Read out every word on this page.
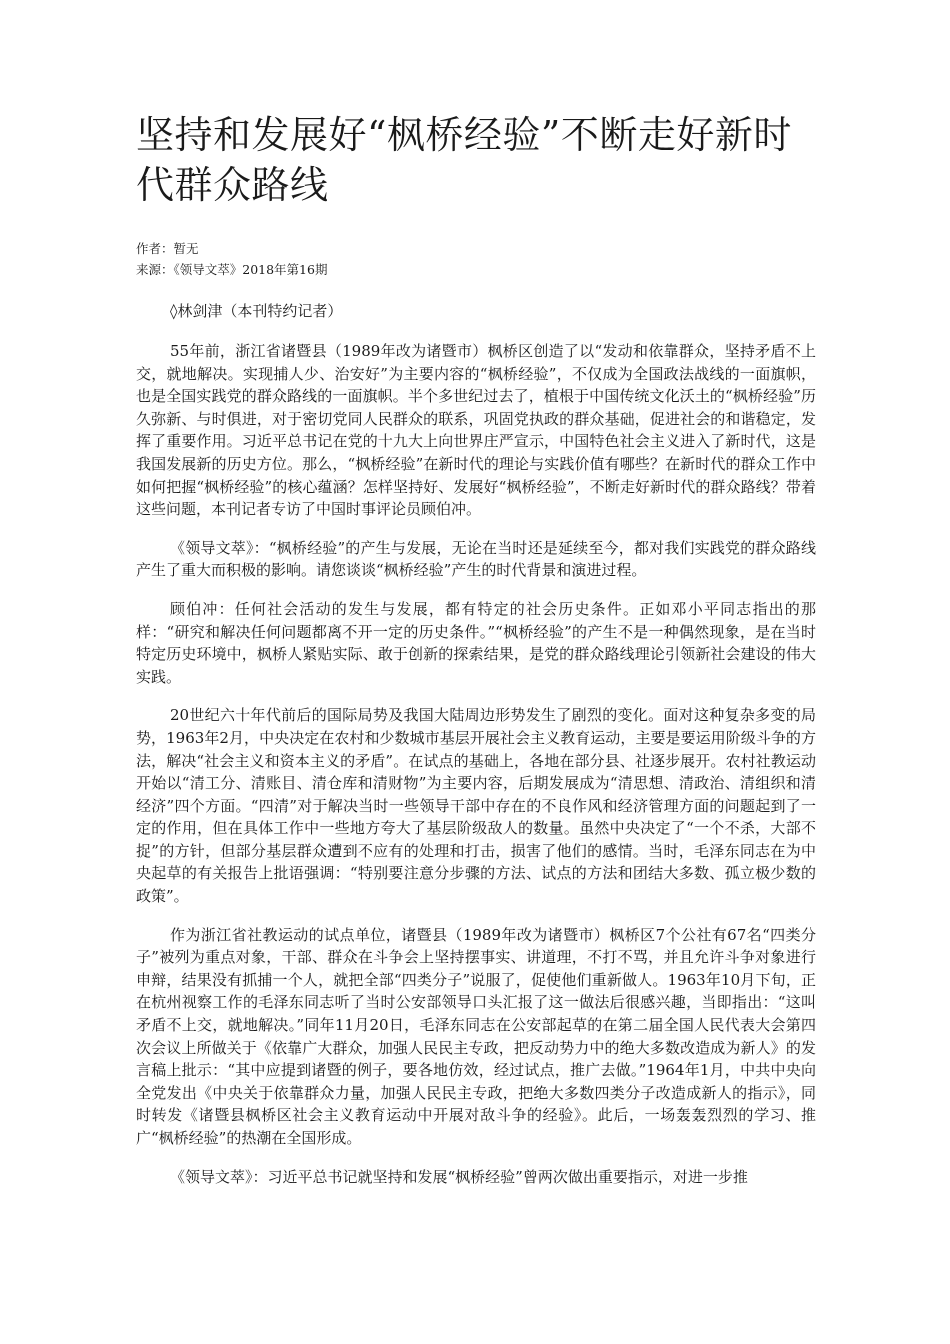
坚持和发展好“枫桥经验”不断走好新时代群众路线
作者：暂无
来源：《领导文萃》2018年第16期
◊林剑津（本刊特约记者）

55年前，浙江省诸暨县（1989年改为诸暨市）枫桥区创造了以“发动和依靠群众，坚持矛盾不上交，就地解决。实现捕人少、治安好”为主要内容的“枫桥经验”，不仅成为全国政法战线的一面旗帜，也是全国实践党的群众路线的一面旗帜。半个多世纪过去了，植根于中国传统文化沃土的“枫桥经验”历久弥新、与时俱进，对于密切党同人民群众的联系，巩固党执政的群众基础，促进社会的和谐稳定，发挥了重要作用。习近平总书记在党的十九大上向世界庄严宣示，中国特色社会主义进入了新时代，这是我国发展新的历史方位。那么，“枫桥经验”在新时代的理论与实践价值有哪些？在新时代的群众工作中如何把握“枫桥经验”的核心蕴涵？怎样坚持好、发展好“枫桥经验”，不断走好新时代的群众路线？带着这些问题，本刊记者专访了中国时事评论员顾伯冲。

《领导文萃》：“枫桥经验”的产生与发展，无论在当时还是延续至今，都对我们实践党的群众路线产生了重大而积极的影响。请您谈谈“枫桥经验”产生的时代背景和演进过程。

顾伯冲：任何社会活动的发生与发展，都有特定的社会历史条件。正如邓小平同志指出的那样：“研究和解决任何问题都离不开一定的历史条件。”“枫桥经验”的产生不是一种偶然现象，是在当时特定历史环境中，枫桥人紧贴实际、敢于创新的探索结果，是党的群众路线理论引领新社会建设的伟大实践。

20世纪六十年代前后的国际局势及我国大陆周边形势发生了剧烈的变化。面对这种复杂多变的局势，1963年2月，中央决定在农村和少数城市基层开展社会主义教育运动，主要是要运用阶级斗争的方法，解决“社会主义和资本主义的矛盾”。在试点的基础上，各地在部分县、社逐步展开。农村社教运动开始以“清工分、清账目、清仓库和清财物”为主要内容，后期发展成为“清思想、清政治、清组织和清经济”四个方面。“四清”对于解决当时一些领导干部中存在的不良作风和经济管理方面的问题起到了一定的作用，但在具体工作中一些地方夸大了基层阶级敌人的数量。虽然中央决定了“一个不杀，大部不捉”的方针，但部分基层群众遭到不应有的处理和打击，损害了他们的感情。当时，毛泽东同志在为中央起草的有关报告上批语强调：“特别要注意分步骤的方法、试点的方法和团结大多数、孤立极少数的政策”。

作为浙江省社教运动的试点单位，诸暨县（1989年改为诸暨市）枫桥区7个公社有67名“四类分子”被列为重点对象，干部、群众在斗争会上坚持摆事实、讲道理，不打不骂，并且允许斗争对象进行申辩，结果没有抓捕一个人，就把全部“四类分子”说服了，促使他们重新做人。1963年10月下旬，正在杭州视察工作的毛泽东同志听了当时公安部领导口头汇报了这一做法后很感兴趣，当即指出：“这叫矛盾不上交，就地解决。”同年11月20日，毛泽东同志在公安部起草的在第二届全国人民代表大会第四次会议上所做关于《依靠广大群众，加强人民民主专政，把反动势力中的绝大多数改造成为新人》的发言稿上批示：“其中应提到诸暨的例子，要各地仿效，经过试点，推广去做。”1964年1月，中共中央向全党发出《中央关于依靠群众力量，加强人民民主专政，把绝大多数四类分子改造成新人的指示》，同时转发《诸暨县枫桥区社会主义教育运动中开展对敌斗争的经验》。此后，一场轰轰烈烈的学习、推广“枫桥经验”的热潮在全国形成。

《领导文萃》：习近平总书记就坚持和发展“枫桥经验”曾两次做出重要指示，对进一步推
